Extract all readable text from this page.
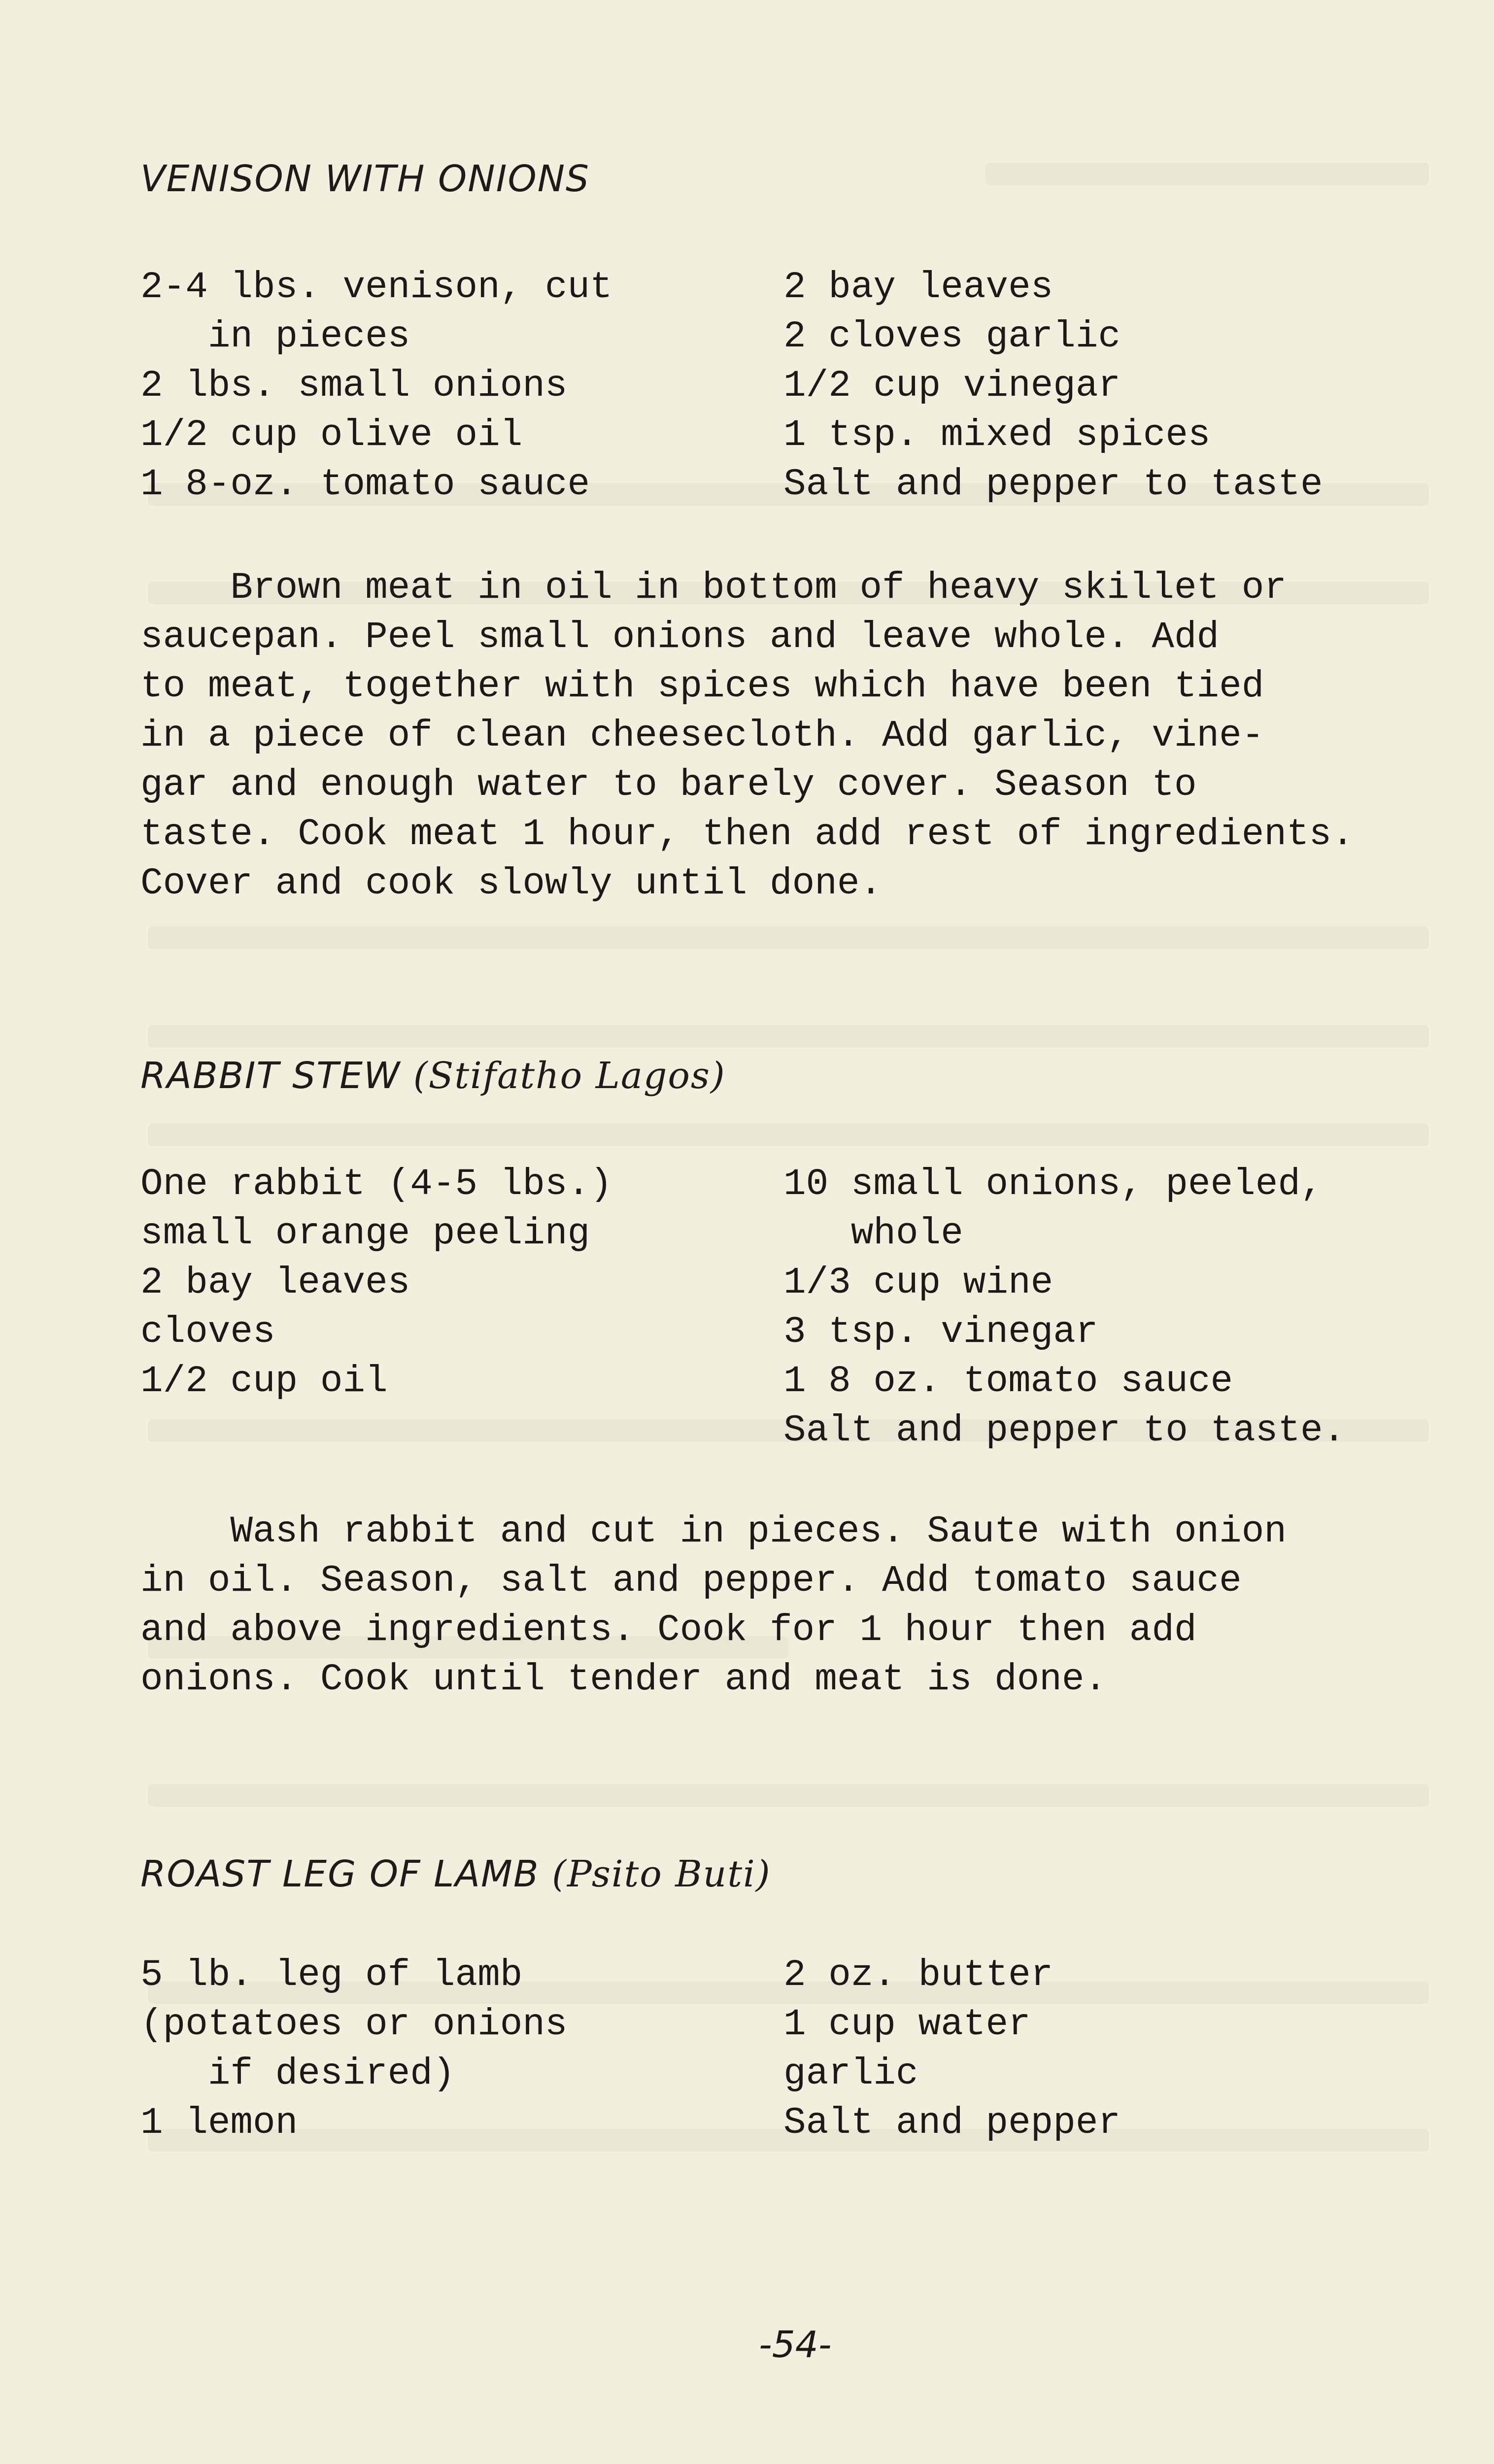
VENISON WITH ONIONS
2-4 lbs. venison, cut
in pieces
2 lbs. small onions
1/2 cup olive oil
1 8-oz. tomato sauce
2 bay leaves
2 cloves garlic
1/2 cup vinegar
1 tsp. mixed spices
Salt and pepper to taste
Brown meat in oil in bottom of heavy skillet or
saucepan. Peel small onions and leave whole. Add
to meat, together with spices which have been tied
in a piece of clean cheesecloth. Add garlic, vine-
gar and enough water to barely cover. Season to
taste. Cook meat 1 hour, then add rest of ingredients.
Cover and cook slowly until done.
RABBIT STEW (Stifatho Lagos)
One rabbit (4-5 lbs.)
small orange peeling
2 bay leaves
cloves
1/2 cup oil
10 small onions, peeled,
whole
1/3 cup wine
3 tsp. vinegar
1 8 oz. tomato sauce
Salt and pepper to taste.
Wash rabbit and cut in pieces. Saute with onion
in oil. Season, salt and pepper. Add tomato sauce
and above ingredients. Cook for 1 hour then add
onions. Cook until tender and meat is done.
ROAST LEG OF LAMB (Psito Buti)
5 lb. leg of lamb
(potatoes or onions
if desired)
1 lemon
2 oz. butter
1 cup water
garlic
Salt and pepper
-54-
